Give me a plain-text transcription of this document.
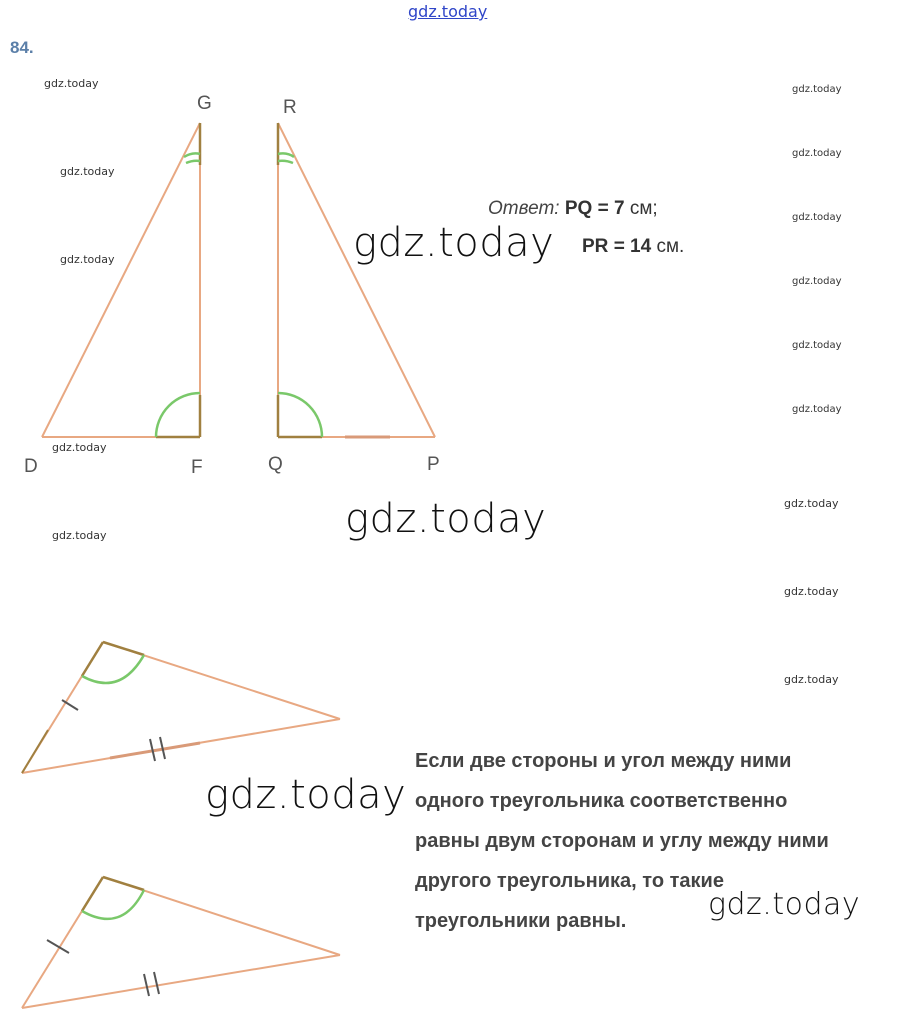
gdz.today
84.
G
D	F
R
Q	P
Ответ: PQ = 7 см;
PR = 14 см.
Если две стороны и угол между ними
одного треугольника соответственно
равны двум сторонам и углу между ними
другого треугольника, то такие
треугольники равны.
gdz.today
gdz.today
gdz.today
gdz.today
gdz.today
gdz.today
gdz.today
gdz.today
gdz.today
gdz.today
gdz.today
gdz.today
gdz.today
gdz.today
gdz.today
gdz.today
gdz.today
gdz.today
